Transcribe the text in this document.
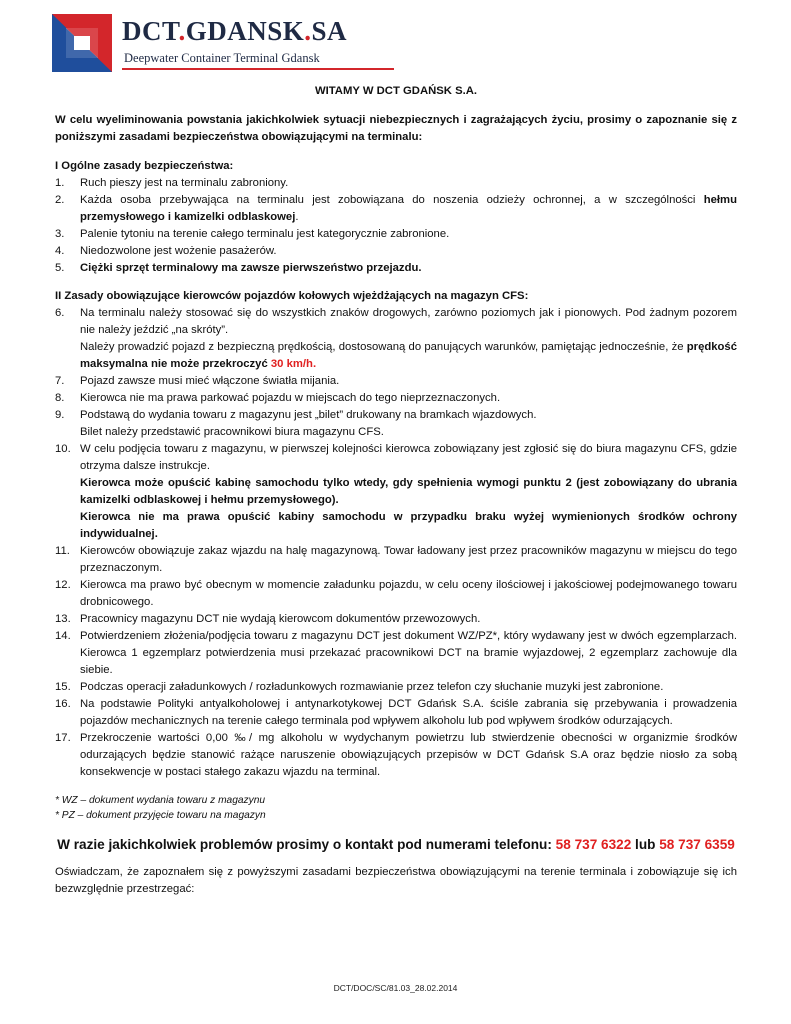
DCT.GDANSK.SA
Deepwater Container Terminal Gdansk
WITAMY W DCT GDAŃSK S.A.

W celu wyeliminowania powstania jakichkolwiek sytuacji niebezpiecznych i zagrażających życiu, prosimy o zapoznanie się z poniższymi zasadami bezpieczeństwa obowiązującymi na terminalu:

I Ogólne zasady bezpieczeństwa:

1. Ruch pieszy jest na terminalu zabroniony.
2. Każda osoba przebywająca na terminalu jest zobowiązana do noszenia odzieży ochronnej, a w szczególności hełmu przemysłowego i kamizelki odblaskowej.
3. Palenie tytoniu na terenie całego terminalu jest kategorycznie zabronione.
4. Niedozwolone jest wożenie pasażerów.
5. Ciężki sprzęt terminalowy ma zawsze pierwszeństwo przejazdu.

II Zasady obowiązujące kierowców pojazdów kołowych wjeżdżających na magazyn CFS:

6. Na terminalu należy stosować się do wszystkich znaków drogowych, zarówno poziomych jak i pionowych. Pod żadnym pozorem nie należy jeździć „na skróty”.

Należy prowadzić pojazd z bezpieczną prędkością, dostosowaną do panujących warunków, pamiętając jednocześnie, że prędkość maksymalna nie może przekroczyć 30 km/h.

7. Pojazd zawsze musi mieć włączone światła mijania.
8. Kierowca nie ma prawa parkować pojazdu w miejscach do tego nieprzeznaczonych.
9. Podstawą do wydania towaru z magazynu jest „bilet” drukowany na bramkach wjazdowych.

Bilet należy przedstawić pracownikowi biura magazynu CFS.

10. W celu podjęcia towaru z magazynu, w pierwszej kolejności kierowca zobowiązany jest zgłosić się do biura magazynu CFS, gdzie otrzyma dalsze instrukcje.

Kierowca może opuścić kabinę samochodu tylko wtedy, gdy spełnienia wymogi punktu 2 (jest zobowiązany do ubrania kamizelki odblaskowej i hełmu przemysłowego).

Kierowca nie ma prawa opuścić kabiny samochodu w przypadku braku wyżej wymienionych środków ochrony indywidualnej.

11. Kierowców obowiązuje zakaz wjazdu na halę magazynową. Towar ładowany jest przez pracowników magazynu w miejscu do tego przeznaczonym.
12. Kierowca ma prawo być obecnym w momencie załadunku pojazdu, w celu oceny ilościowej i jakościowej podejmowanego towaru drobnicowego.
13. Pracownicy magazynu DCT nie wydają kierowcom dokumentów przewozowych.
14. Potwierdzeniem złożenia/podjęcia towaru z magazynu DCT jest dokument WZ/PZ*, który wydawany jest w dwóch egzemplarzach. Kierowca 1 egzemplarz potwierdzenia musi przekazać pracownikowi DCT na bramie wyjazdowej, 2 egzemplarz zachowuje dla siebie.
15. Podczas operacji załadunkowych / rozładunkowych rozmawianie przez telefon czy słuchanie muzyki jest zabronione.
16. Na podstawie Polityki antyalkoholowej i antynarkotykowej DCT Gdańsk S.A. ściśle zabrania się przebywania i prowadzenia pojazdów mechanicznych na terenie całego terminala pod wpływem alkoholu lub pod wpływem środków odurzających.
17. Przekroczenie wartości 0,00 ‰/ mg alkoholu w wydychanym powietrzu lub stwierdzenie obecności w organizmie środków odurzających będzie stanowić rażące naruszenie obowiązujących przepisów w DCT Gdańsk S.A oraz będzie niosło za sobą konsekwencje w postaci stałego zakazu wjazdu na terminal.
* WZ – dokument wydania towaru z magazynu
* PZ – dokument przyjęcie towaru na magazyn
W razie jakichkolwiek problemów prosimy o kontakt pod numerami telefonu: 58 737 6322 lub 58 737 6359

Oświadczam, że zapoznałem się z powyższymi zasadami bezpieczeństwa obowiązującymi na terenie terminala i zobowiązuje się ich bezwzględnie przestrzegać:

DCT/DOC/SC/81.03_28.02.2014
